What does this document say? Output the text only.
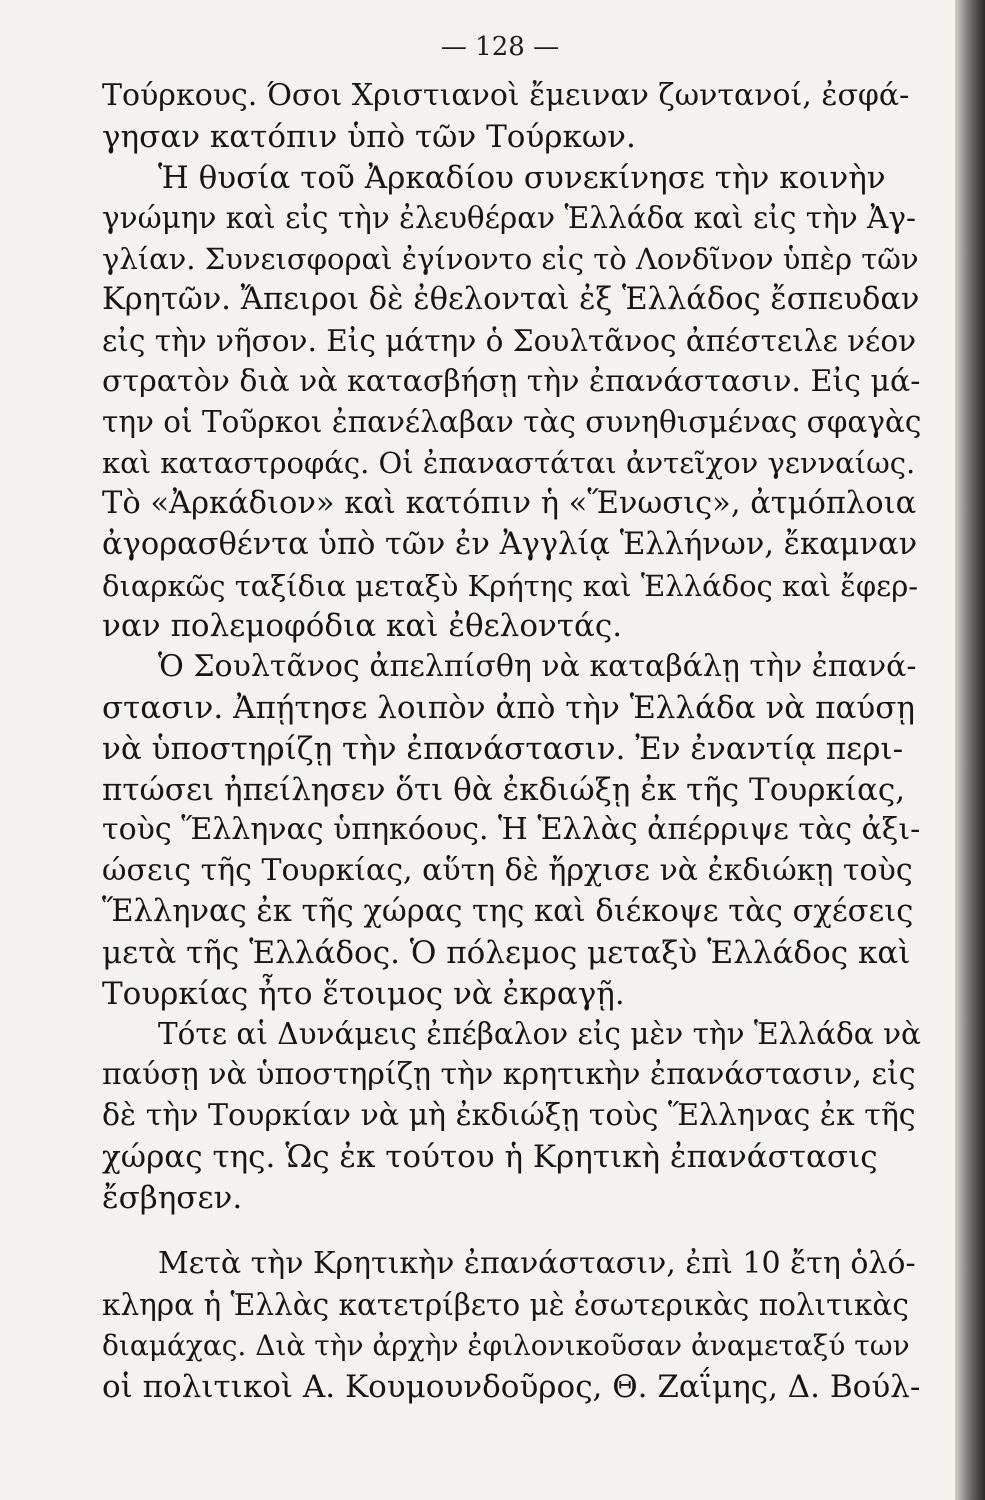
— 128 —
Τούρκους. Όσοι Χριστιανοὶ ἔμειναν ζωντανοί, ἐσφά-
γησαν κατόπιν ὑπὸ τῶν Τούρκων.
Ἡ θυσία τοῦ Ἀρκαδίου συνεκίνησε τὴν κοινὴν
γνώμην καὶ εἰς τὴν ἐλευθέραν Ἑλλάδα καὶ εἰς τὴν Ἀγ-
γλίαν. Συνεισφοραὶ ἐγίνοντο εἰς τὸ Λονδῖνον ὑπὲρ τῶν
Κρητῶν. Ἄπειροι δὲ ἐθελονταὶ ἐξ Ἑλλάδος ἔσπευδαν
εἰς τὴν νῆσον. Εἰς μάτην ὁ Σουλτᾶνος ἀπέστειλε νέον
στρατὸν διὰ νὰ κατασβήσῃ τὴν ἐπανάστασιν. Εἰς μά-
την οἱ Τοῦρκοι ἐπανέλαβαν τὰς συνηθισμένας σφαγὰς
καὶ καταστροφάς. Οἱ ἐπαναστάται ἀντεῖχον γενναίως.
Τὸ «Ἀρκάδιον» καὶ κατόπιν ἡ «Ἕνωσις», ἀτμόπλοια
ἀγορασθέντα ὑπὸ τῶν ἐν Ἀγγλίᾳ Ἑλλήνων, ἔκαμναν
διαρκῶς ταξίδια μεταξὺ Κρήτης καὶ Ἑλλάδος καὶ ἔφερ-
ναν πολεμοφόδια καὶ ἐθελοντάς.
Ὁ Σουλτᾶνος ἀπελπίσθη νὰ καταβάλῃ τὴν ἐπανά-
στασιν. Ἀπῄτησε λοιπὸν ἀπὸ τὴν Ἑλλάδα νὰ παύσῃ
νὰ ὑποστηρίζῃ τὴν ἐπανάστασιν. Ἐν ἐναντίᾳ περι-
πτώσει ἠπείλησεν ὅτι θὰ ἐκδιώξῃ ἐκ τῆς Τουρκίας,
τοὺς Ἕλληνας ὑπηκόους. Ἡ Ἑλλὰς ἀπέρριψε τὰς ἀξι-
ώσεις τῆς Τουρκίας, αὕτη δὲ ἤρχισε νὰ ἐκδιώκῃ τοὺς
Ἕλληνας ἐκ τῆς χώρας της καὶ διέκοψε τὰς σχέσεις
μετὰ τῆς Ἑλλάδος. Ὁ πόλεμος μεταξὺ Ἑλλάδος καὶ
Τουρκίας ἦτο ἕτοιμος νὰ ἐκραγῇ.
Τότε αἱ Δυνάμεις ἐπέβαλον εἰς μὲν τὴν Ἑλλάδα νὰ
παύσῃ νὰ ὑποστηρίζῃ τὴν κρητικὴν ἐπανάστασιν, εἰς
δὲ τὴν Τουρκίαν νὰ μὴ ἐκδιώξῃ τοὺς Ἕλληνας ἐκ τῆς
χώρας της. Ὡς ἐκ τούτου ἡ Κρητικὴ ἐπανάστασις
ἔσβησεν.
Μετὰ τὴν Κρητικὴν ἐπανάστασιν, ἐπὶ 10 ἔτη ὁλό-
κληρα ἡ Ἑλλὰς κατετρίβετο μὲ ἐσωτερικὰς πολιτικὰς
διαμάχας. Διὰ τὴν ἀρχὴν ἐφιλονικοῦσαν ἀναμεταξύ των
οἱ πολιτικοὶ Α. Κουμουνδοῦρος, Θ. Ζαΐμης, Δ. Βούλ-
